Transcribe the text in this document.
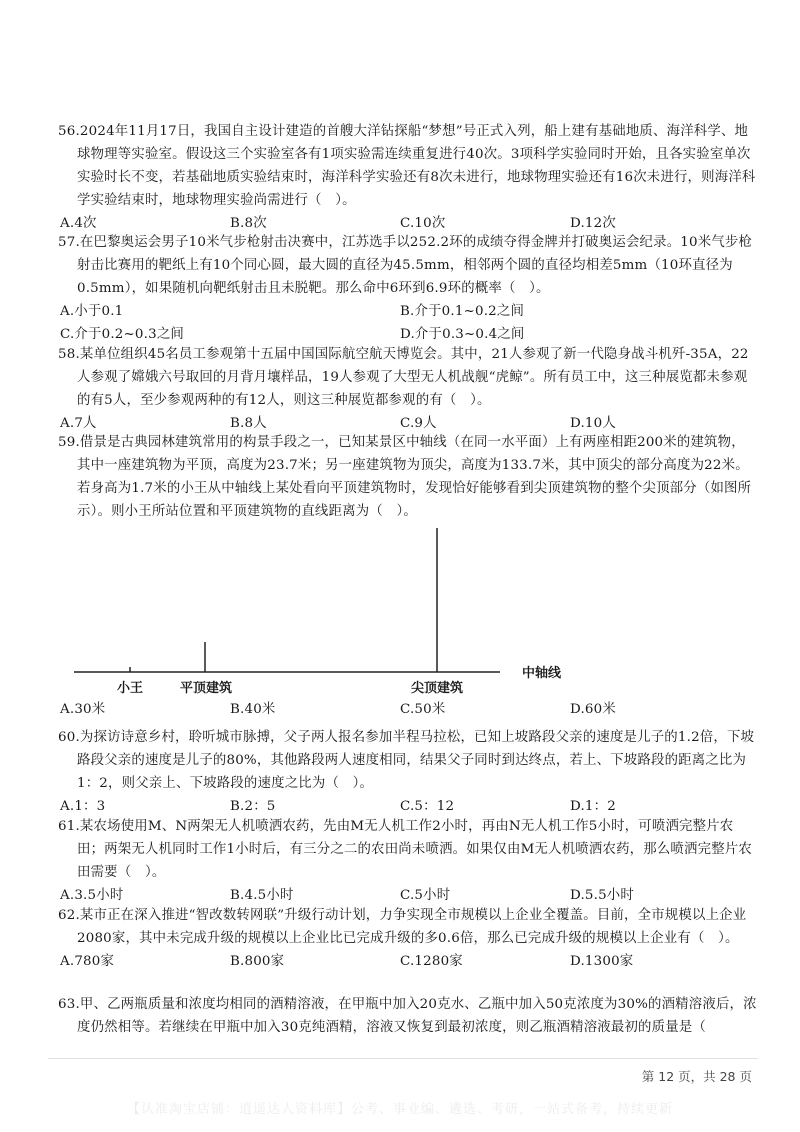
56.2024年11月17日，我国自主设计建造的首艘大洋钻探船“梦想”号正式入列，船上建有基础地质、海洋科学、地球物理等实验室。假设这三个实验室各有1项实验需连续重复进行40次。3项科学实验同时开始，且各实验室单次实验时长不变，若基础地质实验结束时，海洋科学实验还有8次未进行，地球物理实验还有16次未进行，则海洋科学实验结束时，地球物理实验尚需进行（　）。

A.4次	B.8次	C.10次	D.12次

57.在巴黎奥运会男子10米气步枪射击决赛中，江苏选手以252.2环的成绩夺得金牌并打破奥运会纪录。10米气步枪射击比赛用的靶纸上有10个同心圆，最大圆的直径为45.5mm，相邻两个圆的直径均相差5mm（10环直径为0.5mm），如果随机向靶纸射击且未脱靶。那么命中6环到6.9环的概率（　）。

A.小于0.1	B.介于0.1~0.2之间
C.介于0.2~0.3之间	D.介于0.3~0.4之间

58.某单位组织45名员工参观第十五届中国国际航空航天博览会。其中，21人参观了新一代隐身战斗机歼-35A，22人参观了嫦娥六号取回的月背月壤样品，19人参观了大型无人机战舰“虎鲸”。所有员工中，这三种展览都未参观的有5人，至少参观两种的有12人，则这三种展览都参观的有（　）。

A.7人	B.8人	C.9人	D.10人

59.借景是古典园林建筑常用的构景手段之一，已知某景区中轴线（在同一水平面）上有两座相距200米的建筑物，其中一座建筑物为平顶，高度为23.7米；另一座建筑物为顶尖，高度为133.7米，其中顶尖的部分高度为22米。若身高为1.7米的小王从中轴线上某处看向平顶建筑物时，发现恰好能够看到尖顶建筑物的整个尖顶部分（如图所示）。则小王所站位置和平顶建筑物的直线距离为（　）。

小王	平顶建筑	尖顶建筑
中轴线
A.30米	B.40米	C.50米	D.60米

60.为探访诗意乡村，聆听城市脉搏，父子两人报名参加半程马拉松，已知上坡路段父亲的速度是儿子的1.2倍，下坡路段父亲的速度是儿子的80%，其他路段两人速度相同，结果父子同时到达终点，若上、下坡路段的距离之比为1：2，则父亲上、下坡路段的速度之比为（　）。

A.1：3	B.2：5	C.5：12	D.1：2

61.某农场使用M、N两架无人机喷洒农药，先由M无人机工作2小时，再由N无人机工作5小时，可喷洒完整片农田；两架无人机同时工作1小时后，有三分之二的农田尚未喷洒。如果仅由M无人机喷洒农药，那么喷洒完整片农田需要（　）。

A.3.5小时	B.4.5小时	C.5小时	D.5.5小时

62.某市正在深入推进“智改数转网联”升级行动计划，力争实现全市规模以上企业全覆盖。目前，全市规模以上企业2080家，其中未完成升级的规模以上企业比已完成升级的多0.6倍，那么已完成升级的规模以上企业有（　）。

A.780家	B.800家	C.1280家	D.1300家

63.甲、乙两瓶质量和浓度均相同的酒精溶液，在甲瓶中加入20克水、乙瓶中加入50克浓度为30%的酒精溶液后，浓度仍然相等。若继续在甲瓶中加入30克纯酒精，溶液又恢复到最初浓度，则乙瓶酒精溶液最初的质量是（

第 12 页，共 28 页
【认准淘宝店铺：逍遥达人资料库】公考、事业编、遴选、考研，一站式备考，持续更新
